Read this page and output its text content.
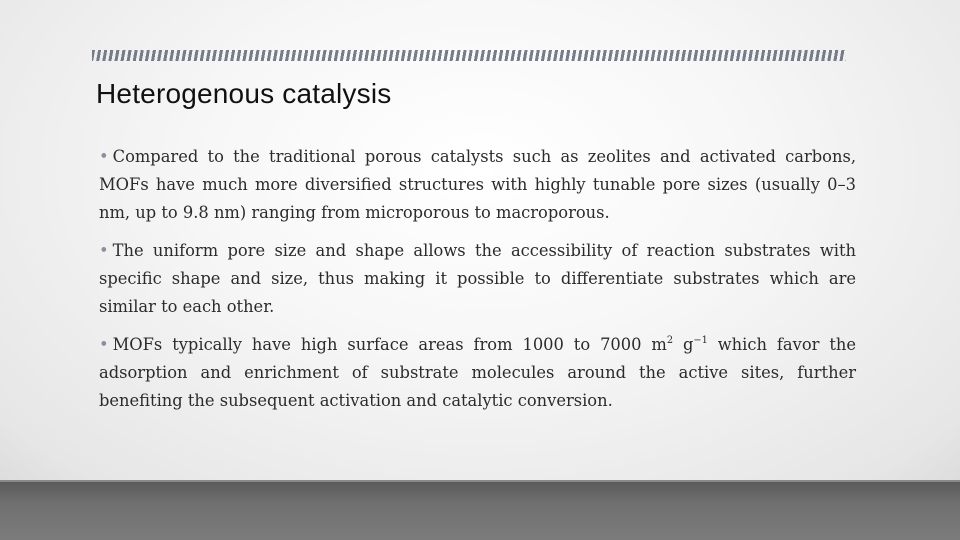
Heterogenous catalysis

• Compared to the traditional porous catalysts such as zeolites and activated carbons, MOFs have much more diversified structures with highly tunable pore sizes (usually 0–3 nm, up to 9.8 nm) ranging from microporous to macroporous.

• The uniform pore size and shape allows the accessibility of reaction substrates with specific shape and size, thus making it possible to differentiate substrates which are similar to each other.

• MOFs typically have high surface areas from 1000 to 7000 $m^2$ $g^{-1}$ which favor the adsorption and enrichment of substrate molecules around the active sites, further benefiting the subsequent activation and catalytic conversion.
